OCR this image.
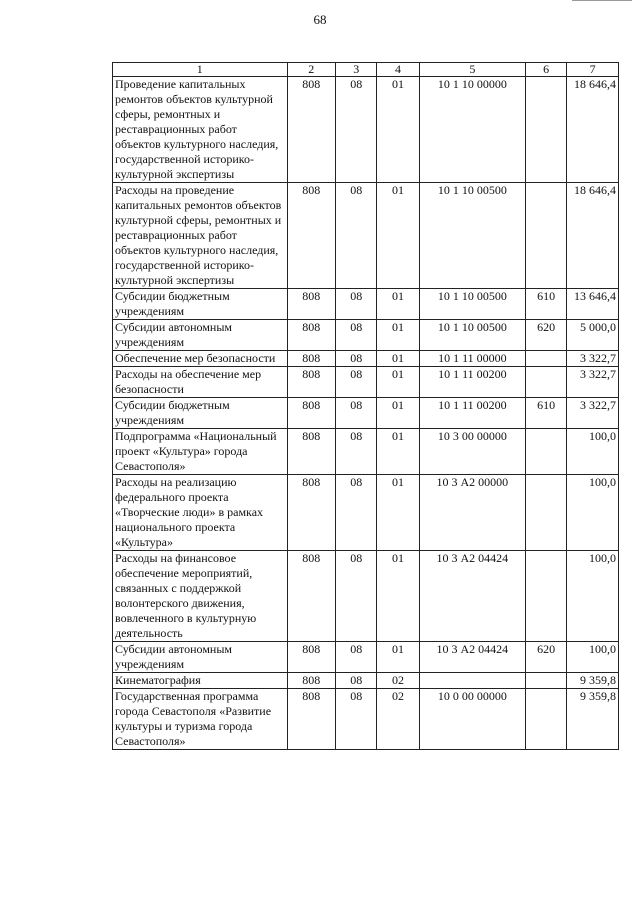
68
1	2	3	4	5	6	7
Проведение капитальных ремонтов объектов культурной сферы, ремонтных и реставрационных работ объектов культурного наследия, государственной историко-культурной экспертизы	808	08	01	10 1 10 00000		18 646,4
Расходы на проведение капитальных ремонтов объектов культурной сферы, ремонтных и реставрационных работ объектов культурного наследия, государственной историко-культурной экспертизы	808	08	01	10 1 10 00500		18 646,4
Субсидии бюджетным учреждениям	808	08	01	10 1 10 00500	610	13 646,4
Субсидии автономным учреждениям	808	08	01	10 1 10 00500	620	5 000,0
Обеспечение мер безопасности	808	08	01	10 1 11 00000		3 322,7
Расходы на обеспечение мер безопасности	808	08	01	10 1 11 00200		3 322,7
Субсидии бюджетным учреждениям	808	08	01	10 1 11 00200	610	3 322,7
Подпрограмма «Национальный проект «Культура» города Севастополя»	808	08	01	10 3 00 00000		100,0
Расходы на реализацию федерального проекта «Творческие люди» в рамках национального проекта «Культура»	808	08	01	10 3 А2 00000		100,0
Расходы на финансовое обеспечение мероприятий, связанных с поддержкой волонтерского движения, вовлеченного в культурную деятельность	808	08	01	10 3 А2 04424		100,0
Субсидии автономным учреждениям	808	08	01	10 3 А2 04424	620	100,0
Кинематография	808	08	02			9 359,8
Государственная программа города Севастополя «Развитие культуры и туризма города Севастополя»	808	08	02	10 0 00 00000		9 359,8
